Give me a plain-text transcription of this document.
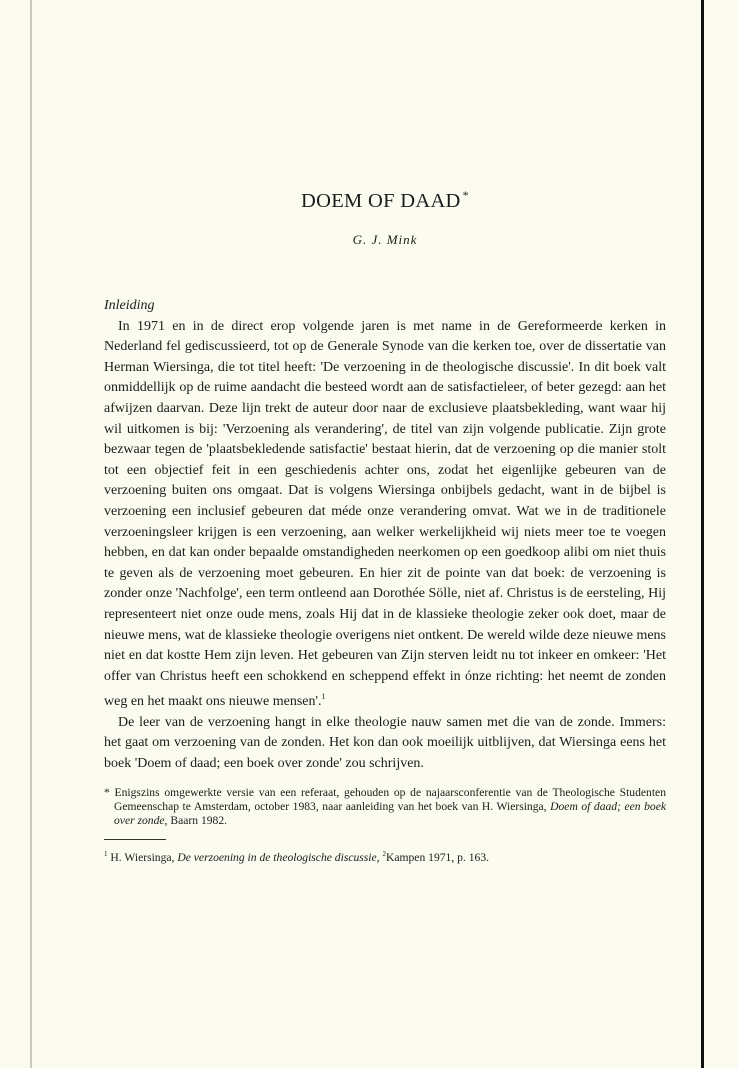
DOEM OF DAAD *
G. J. Mink
Inleiding

In 1971 en in de direct erop volgende jaren is met name in de Gereformeerde kerken in Nederland fel gediscussieerd, tot op de Generale Synode van die kerken toe, over de dissertatie van Herman Wiersinga, die tot titel heeft: 'De verzoening in de theologische discussie'. In dit boek valt onmiddellijk op de ruime aandacht die besteed wordt aan de satisfactieleer, of beter gezegd: aan het afwijzen daarvan. Deze lijn trekt de auteur door naar de exclusieve plaatsbekleding, want waar hij wil uitkomen is bij: 'Verzoening als verandering', de titel van zijn volgende publicatie. Zijn grote bezwaar tegen de 'plaatsbekledende satisfactie' bestaat hierin, dat de verzoening op die manier stolt tot een objectief feit in een geschiedenis achter ons, zodat het eigenlijke gebeuren van de verzoening buiten ons omgaat. Dat is volgens Wiersinga onbijbels gedacht, want in de bijbel is verzoening een inclusief gebeuren dat méde onze verandering omvat. Wat we in de traditionele verzoeningsleer krijgen is een verzoening, aan welker werkelijkheid wij niets meer toe te voegen hebben, en dat kan onder bepaalde omstandigheden neerkomen op een goedkoop alibi om niet thuis te geven als de verzoening moet gebeuren. En hier zit de pointe van dat boek: de verzoening is zonder onze 'Nachfolge', een term ontleend aan Dorothée Sölle, niet af. Christus is de eersteling, Hij representeert niet onze oude mens, zoals Hij dat in de klassieke theologie zeker ook doet, maar de nieuwe mens, wat de klassieke theologie overigens niet ontkent. De wereld wilde deze nieuwe mens niet en dat kostte Hem zijn leven. Het gebeuren van Zijn sterven leidt nu tot inkeer en omkeer: 'Het offer van Christus heeft een schokkend en scheppend effekt in ónze richting: het neemt de zonden weg en het maakt ons nieuwe mensen'.$^1$

De leer van de verzoening hangt in elke theologie nauw samen met die van de zonde. Immers: het gaat om verzoening van de zonden. Het kon dan ook moeilijk uitblijven, dat Wiersinga eens het boek 'Doem of daad; een boek over zonde' zou schrijven.

* Enigszins omgewerkte versie van een referaat, gehouden op de najaarsconferentie van de Theologische Studenten Gemeenschap te Amsterdam, october 1983, naar aanleiding van het boek van H. Wiersinga, Doem of daad; een boek over zonde, Baarn 1982.
$^1$ H. Wiersinga, De verzoening in de theologische discussie, $^2$Kampen 1971, p. 163.
